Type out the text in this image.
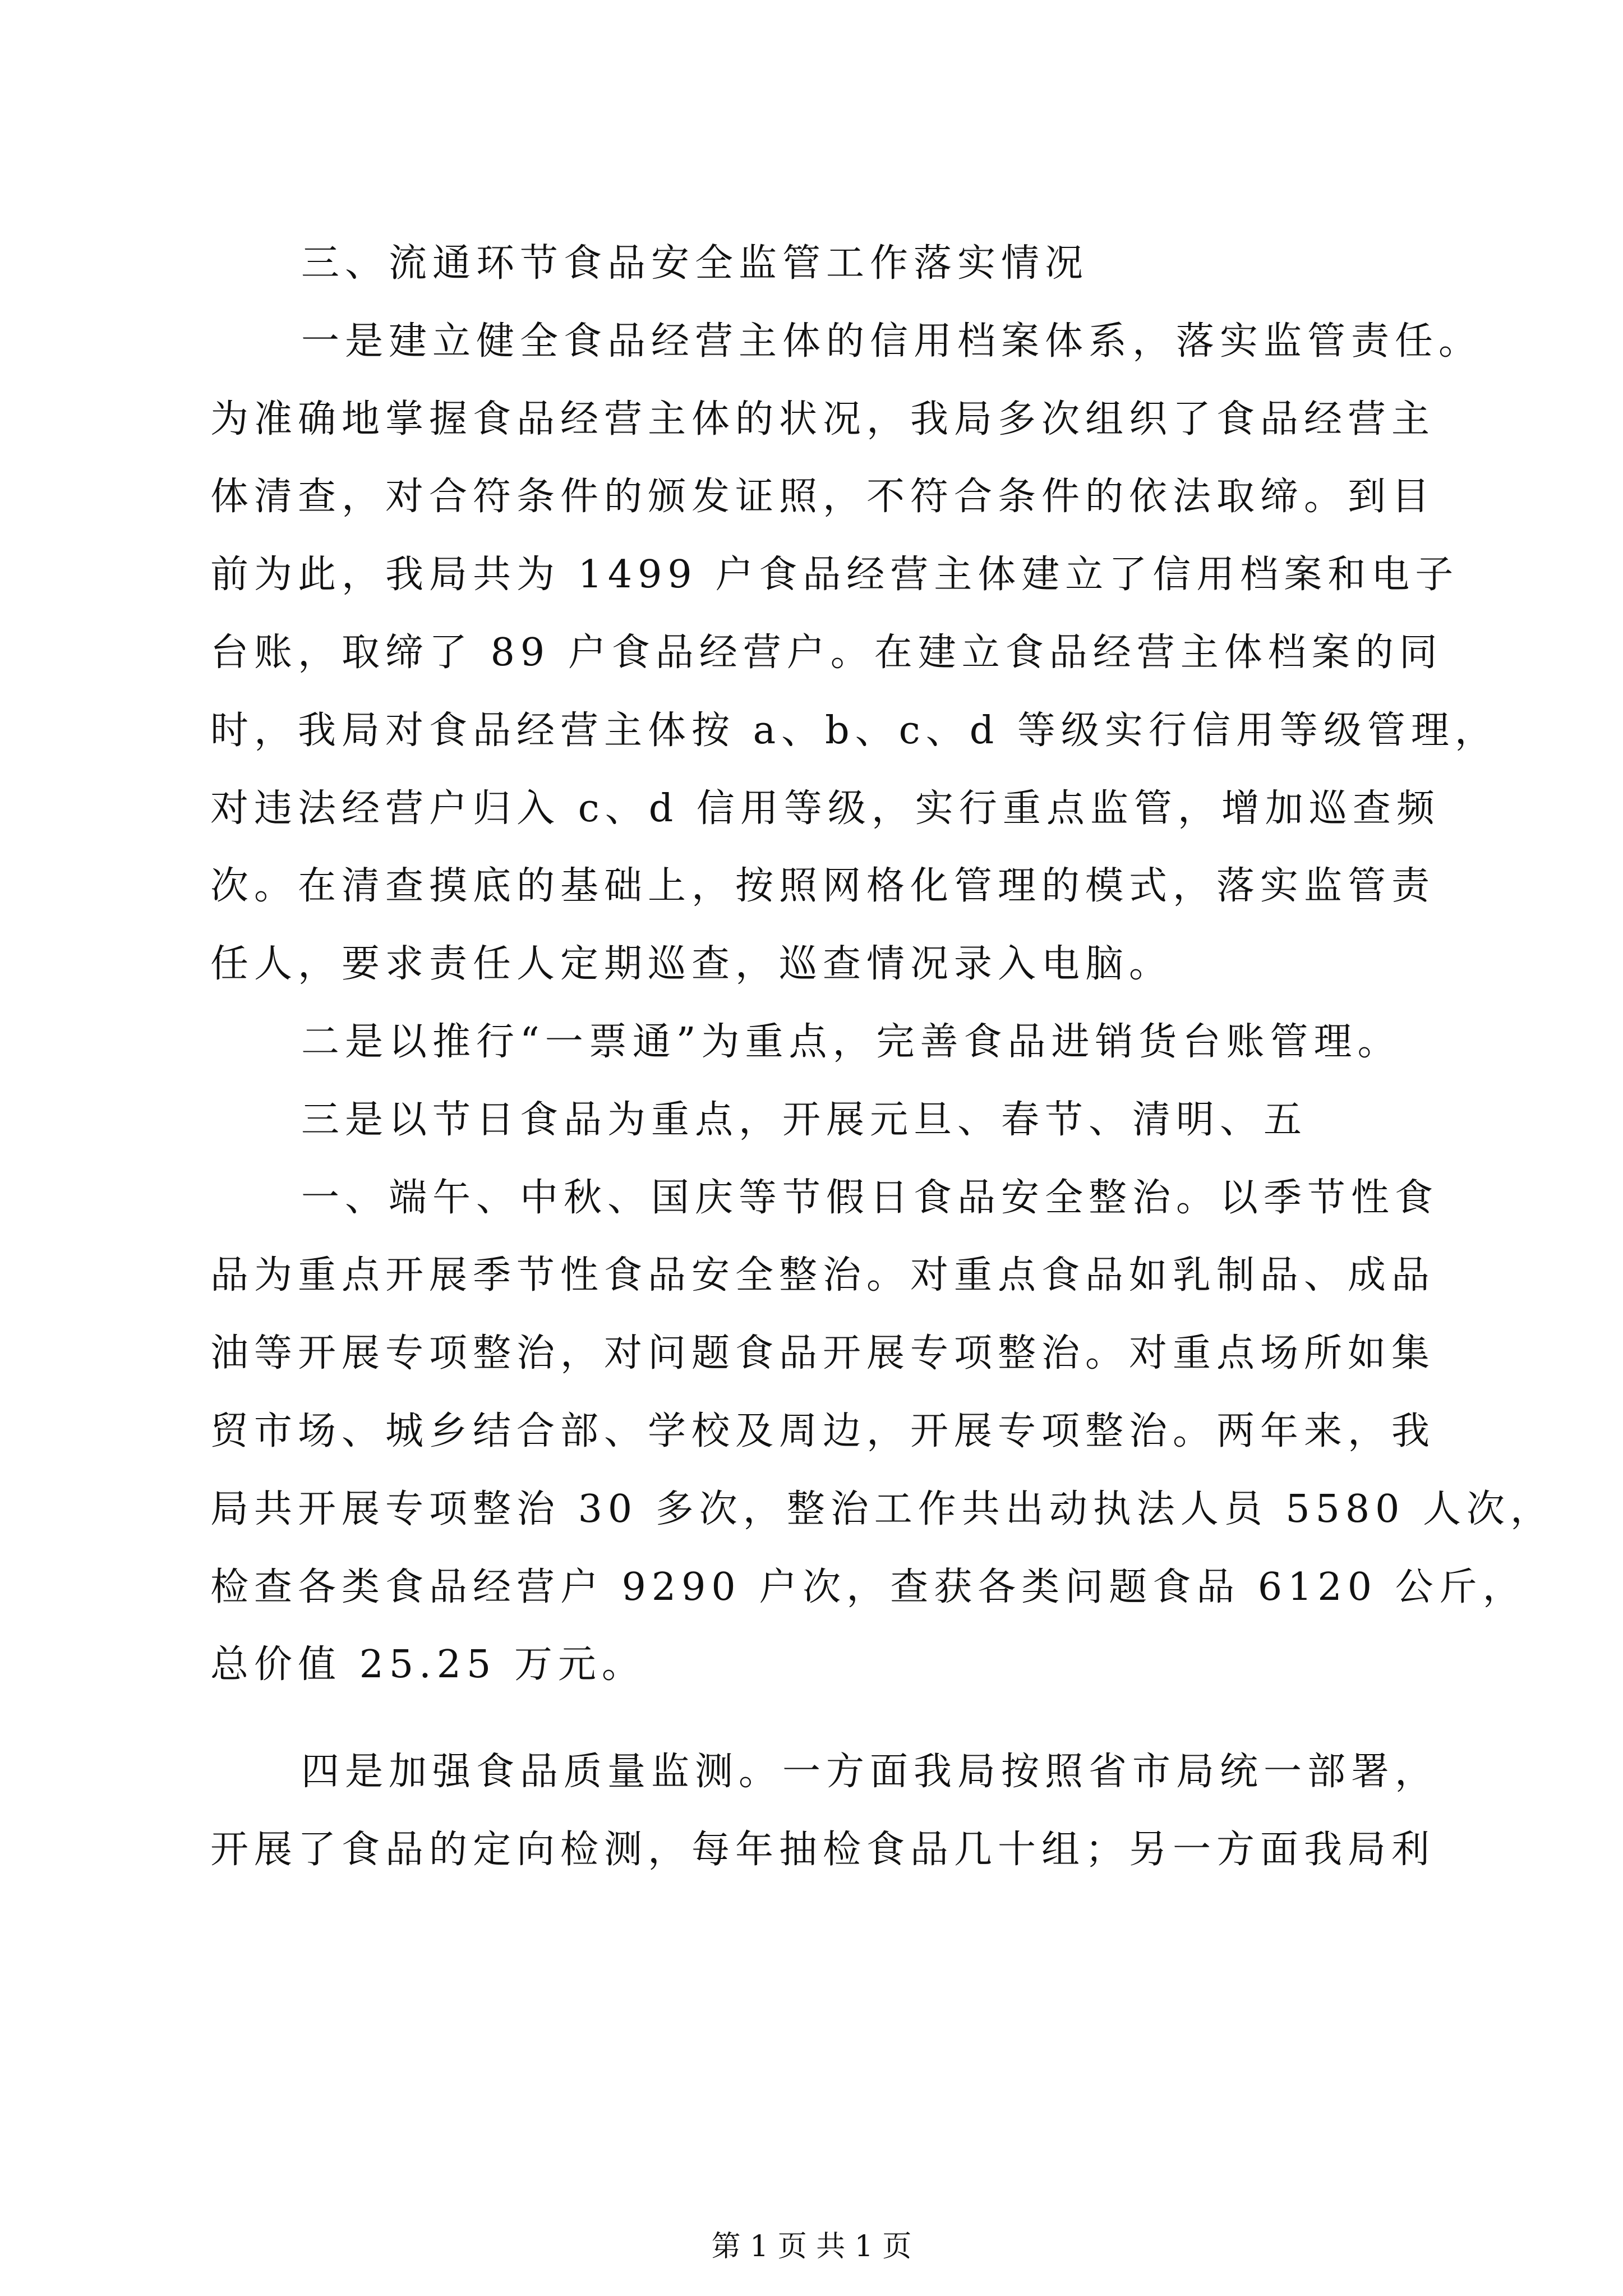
三、流通环节食品安全监管工作落实情况

一是建立健全食品经营主体的信用档案体系，落实监管责任。

为准确地掌握食品经营主体的状况，我局多次组织了食品经营主

体清查，对合符条件的颁发证照，不符合条件的依法取缔。到目

前为此，我局共为 1499 户食品经营主体建立了信用档案和电子

台账，取缔了 89 户食品经营户。在建立食品经营主体档案的同

时，我局对食品经营主体按 a、b、c、d 等级实行信用等级管理，

对违法经营户归入 c、d 信用等级，实行重点监管，增加巡查频

次。在清查摸底的基础上，按照网格化管理的模式，落实监管责

任人，要求责任人定期巡查，巡查情况录入电脑。

二是以推行“一票通”为重点，完善食品进销货台账管理。

三是以节日食品为重点，开展元旦、春节、清明、五

一、端午、中秋、国庆等节假日食品安全整治。以季节性食

品为重点开展季节性食品安全整治。对重点食品如乳制品、成品

油等开展专项整治，对问题食品开展专项整治。对重点场所如集

贸市场、城乡结合部、学校及周边，开展专项整治。两年来，我

局共开展专项整治 30 多次，整治工作共出动执法人员 5580 人次，

检查各类食品经营户 9290 户次，查获各类问题食品 6120 公斤，

总价值 25.25 万元。

四是加强食品质量监测。一方面我局按照省市局统一部署，

开展了食品的定向检测，每年抽检食品几十组；另一方面我局利

第 1 页 共 1 页
